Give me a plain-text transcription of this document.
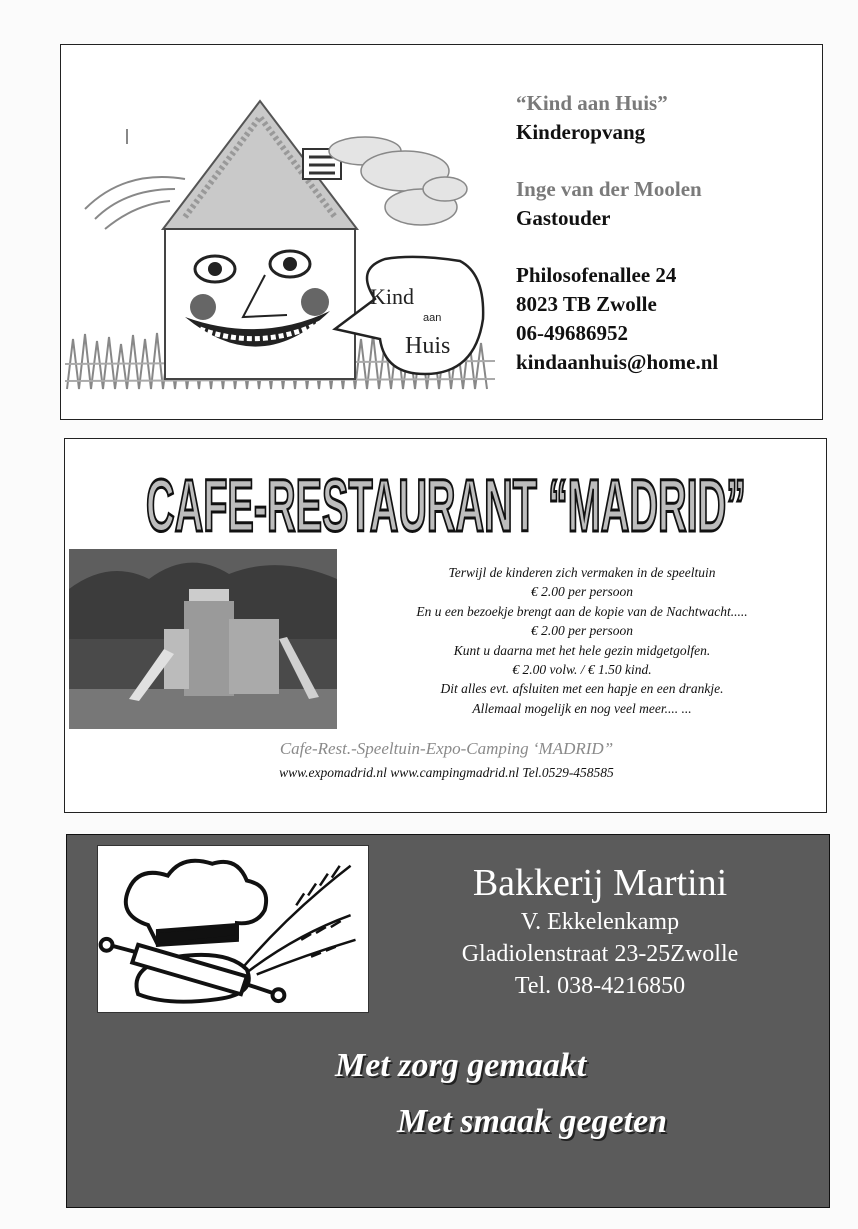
Kind
aan
Huis
“Kind aan Huis”
Kinderopvang
Inge van der Moolen
Gastouder
Philosofenallee 24
8023 TB Zwolle
06-49686952
kindaanhuis@home.nl
CAFE-RESTAURANT “MADRID”
Terwijl de kinderen zich vermaken in de speeltuin
€ 2.00 per persoon
En u een bezoekje brengt aan de kopie van de Nachtwacht.....
€ 2.00 per persoon
Kunt u daarna met het hele gezin midgetgolfen.
€ 2.00 volw. / € 1.50 kind.
Dit alles evt. afsluiten met een hapje en een drankje.
Allemaal mogelijk en nog veel meer.... ...
Cafe-Rest.-Speeltuin-Expo-Camping ‘MADRID”
www.expomadrid.nl www.campingmadrid.nl Tel.0529-458585
Bakkerij Martini
V. Ekkelenkamp
Gladiolenstraat 23-25Zwolle
Tel. 038-4216850
Met zorg gemaakt
Met smaak gegeten
